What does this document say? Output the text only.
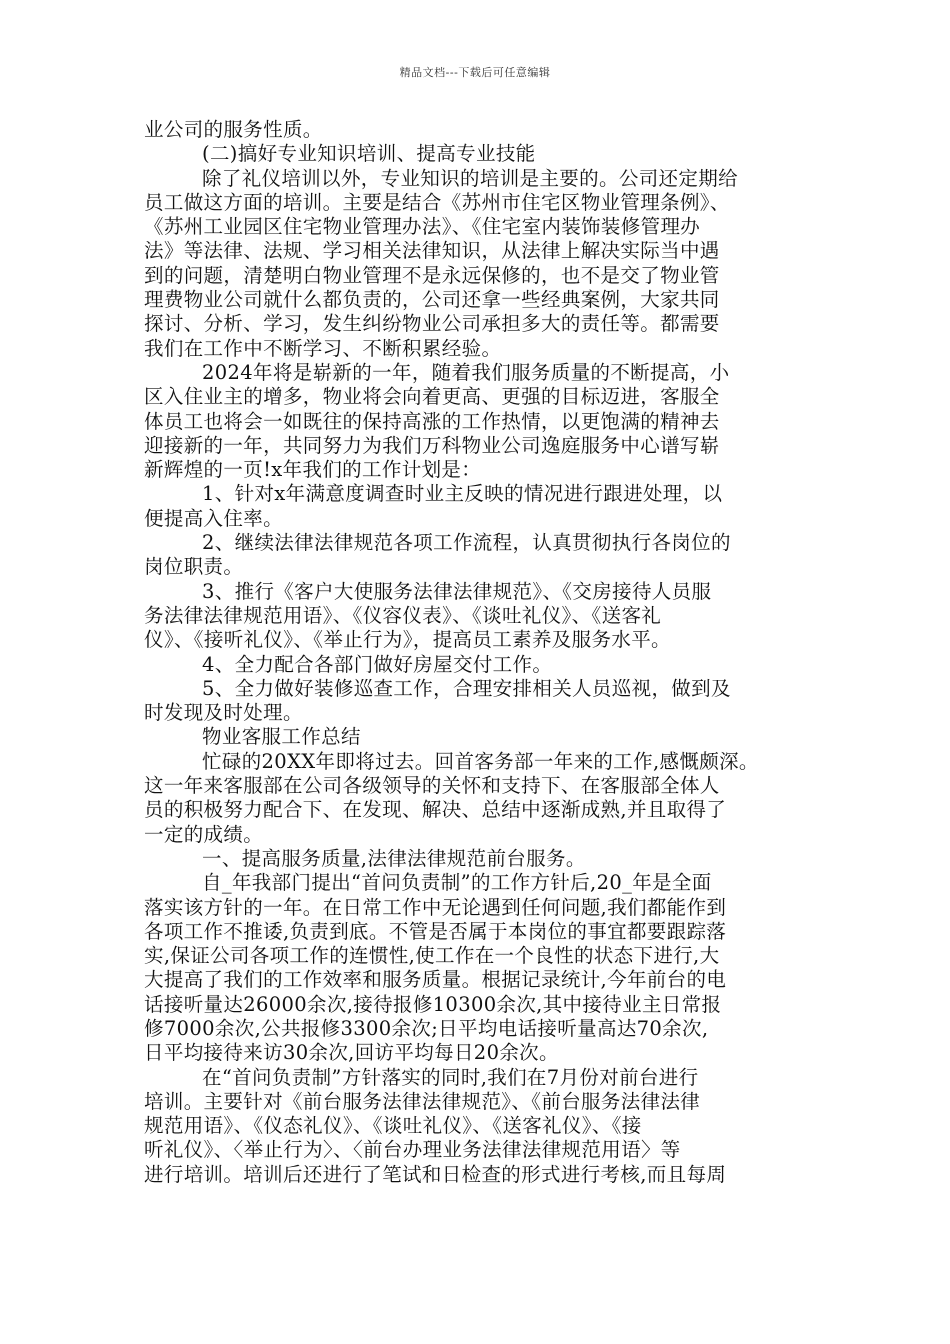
精品文档---下载后可任意编辑
业公司的服务性质。
(二)搞好专业知识培训、提高专业技能
除了礼仪培训以外，专业知识的培训是主要的。公司还定期给
员工做这方面的培训。主要是结合《苏州市住宅区物业管理条例》、
《苏州工业园区住宅物业管理办法》、《住宅室内装饰装修管理办
法》等法律、法规、学习相关法律知识，从法律上解决实际当中遇
到的问题，清楚明白物业管理不是永远保修的，也不是交了物业管
理费物业公司就什么都负责的，公司还拿一些经典案例，大家共同
探讨、分析、学习，发生纠纷物业公司承担多大的责任等。都需要
我们在工作中不断学习、不断积累经验。
2024年将是崭新的一年，随着我们服务质量的不断提高，小
区入住业主的增多，物业将会向着更高、更强的目标迈进，客服全
体员工也将会一如既往的保持高涨的工作热情，以更饱满的精神去
迎接新的一年，共同努力为我们万科物业公司逸庭服务中心谱写崭
新辉煌的一页!x年我们的工作计划是：
1、针对x年满意度调查时业主反映的情况进行跟进处理，以
便提高入住率。
2、继续法律法律规范各项工作流程，认真贯彻执行各岗位的
岗位职责。
3、推行《客户大使服务法律法律规范》、《交房接待人员服
务法律法律规范用语》、《仪容仪表》、《谈吐礼仪》、《送客礼
仪》、《接听礼仪》、《举止行为》，提高员工素养及服务水平。
4、全力配合各部门做好房屋交付工作。
5、全力做好装修巡查工作，合理安排相关人员巡视，做到及
时发现及时处理。
物业客服工作总结
忙碌的20XX年即将过去。回首客务部一年来的工作,感慨颇深。
这一年来客服部在公司各级领导的关怀和支持下、在客服部全体人
员的积极努力配合下、在发现、解决、总结中逐渐成熟,并且取得了
一定的成绩。
一、提高服务质量,法律法律规范前台服务。
自_年我部门提出“首问负责制”的工作方针后,20_年是全面
落实该方针的一年。在日常工作中无论遇到任何问题,我们都能作到
各项工作不推诿,负责到底。不管是否属于本岗位的事宜都要跟踪落
实,保证公司各项工作的连惯性,使工作在一个良性的状态下进行,大
大提高了我们的工作效率和服务质量。根据记录统计,今年前台的电
话接听量达26000余次,接待报修10300余次,其中接待业主日常报
修7000余次,公共报修3300余次;日平均电话接听量高达70余次,
日平均接待来访30余次,回访平均每日20余次。
在“首问负责制”方针落实的同时,我们在7月份对前台进行
培训。主要针对《前台服务法律法律规范》、《前台服务法律法律
规范用语》、《仪态礼仪》、《谈吐礼仪》、《送客礼仪》、《接
听礼仪》、〈举止行为〉、〈前台办理业务法律法律规范用语〉等
进行培训。培训后还进行了笔试和日检查的形式进行考核,而且每周
